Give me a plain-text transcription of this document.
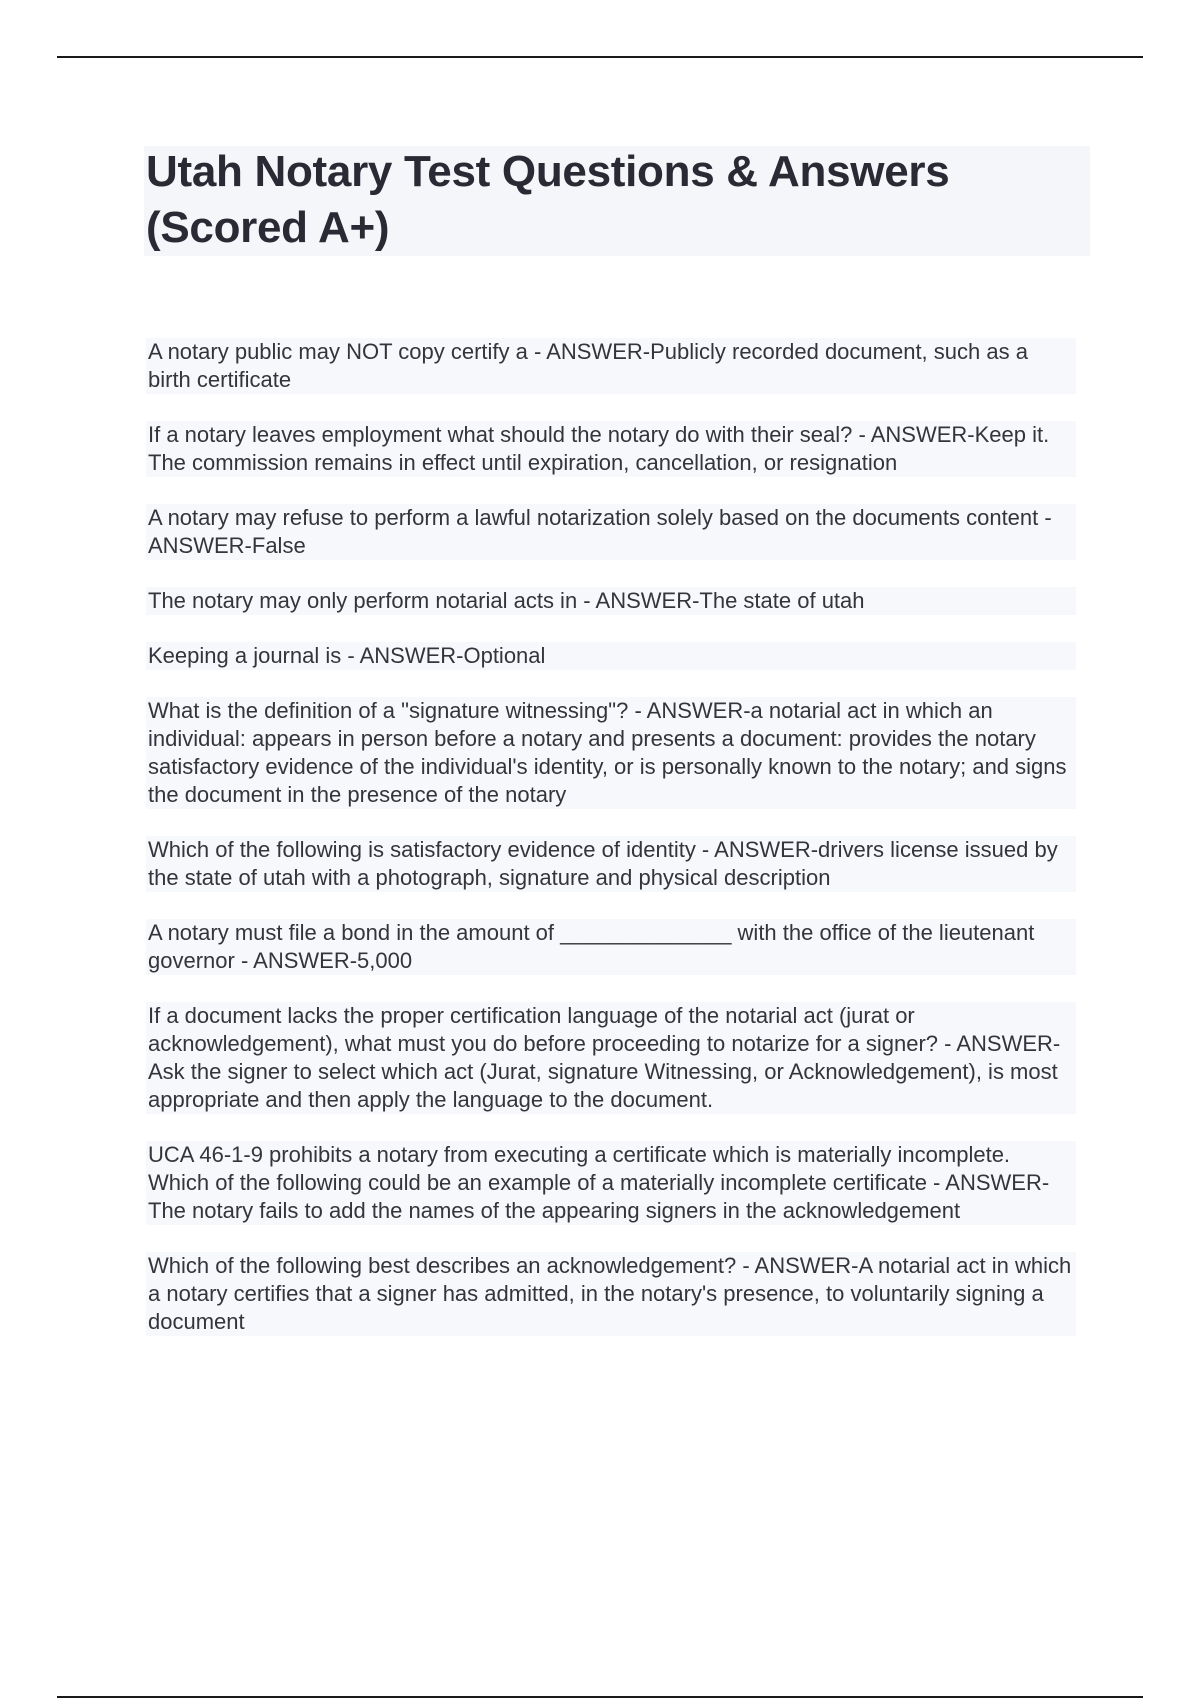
Utah Notary Test Questions & Answers (Scored A+)

A notary public may NOT copy certify a - ANSWER-Publicly recorded document, such as a birth certificate

If a notary leaves employment what should the notary do with their seal? - ANSWER-Keep it. The commission remains in effect until expiration, cancellation, or resignation

A notary may refuse to perform a lawful notarization solely based on the documents content - ANSWER-False

The notary may only perform notarial acts in - ANSWER-The state of utah

Keeping a journal is - ANSWER-Optional

What is the definition of a "signature witnessing"? - ANSWER-a notarial act in which an individual: appears in person before a notary and presents a document: provides the notary satisfactory evidence of the individual's identity, or is personally known to the notary; and signs the document in the presence of the notary

Which of the following is satisfactory evidence of identity - ANSWER-drivers license issued by the state of utah with a photograph, signature and physical description

A notary must file a bond in the amount of ______________ with the office of the lieutenant governor - ANSWER-5,000

If a document lacks the proper certification language of the notarial act (jurat or acknowledgement), what must you do before proceeding to notarize for a signer? - ANSWER-Ask the signer to select which act (Jurat, signature Witnessing, or Acknowledgement), is most appropriate and then apply the language to the document.

UCA 46-1-9 prohibits a notary from executing a certificate which is materially incomplete. Which of the following could be an example of a materially incomplete certificate - ANSWER-The notary fails to add the names of the appearing signers in the acknowledgement

Which of the following best describes an acknowledgement? - ANSWER-A notarial act in which a notary certifies that a signer has admitted, in the notary's presence, to voluntarily signing a document
